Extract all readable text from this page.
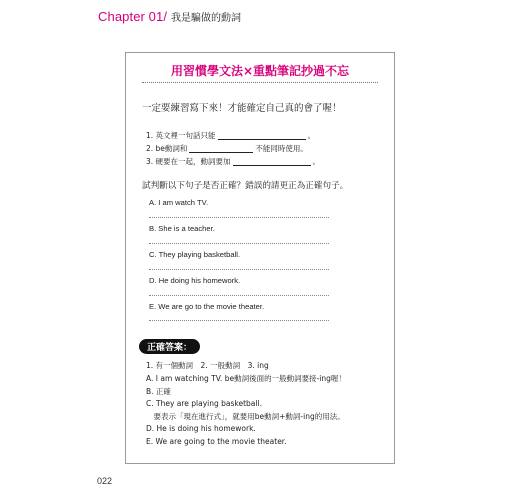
Chapter 01/ 我是騙做的動詞
用習慣學文法×重點筆記抄過不忘
一定要練習寫下來！才能確定自己真的會了喔！
1.
英文裡一句話只能	。
2.
be動詞和	不能同時使用。
3.
硬要在一起，動詞要加	。
試判斷以下句子是否正確？錯誤的請更正為正確句子。
A. I am watch TV.
B. She is a teacher.
C. They playing basketball.
D. He doing his homework.
E. We are go to the movie theater.
正確答案：
1. 有一個動詞　2. 一般動詞　3. ing
A. I am watching TV. be動詞後面的一般動詞要接-ing喔！
B. 正確
C. They are playing basketball.
　要表示「現在進行式」，就要用be動詞+動詞-ing的用法。
D. He is doing his homework.
E. We are going to the movie theater.
022
